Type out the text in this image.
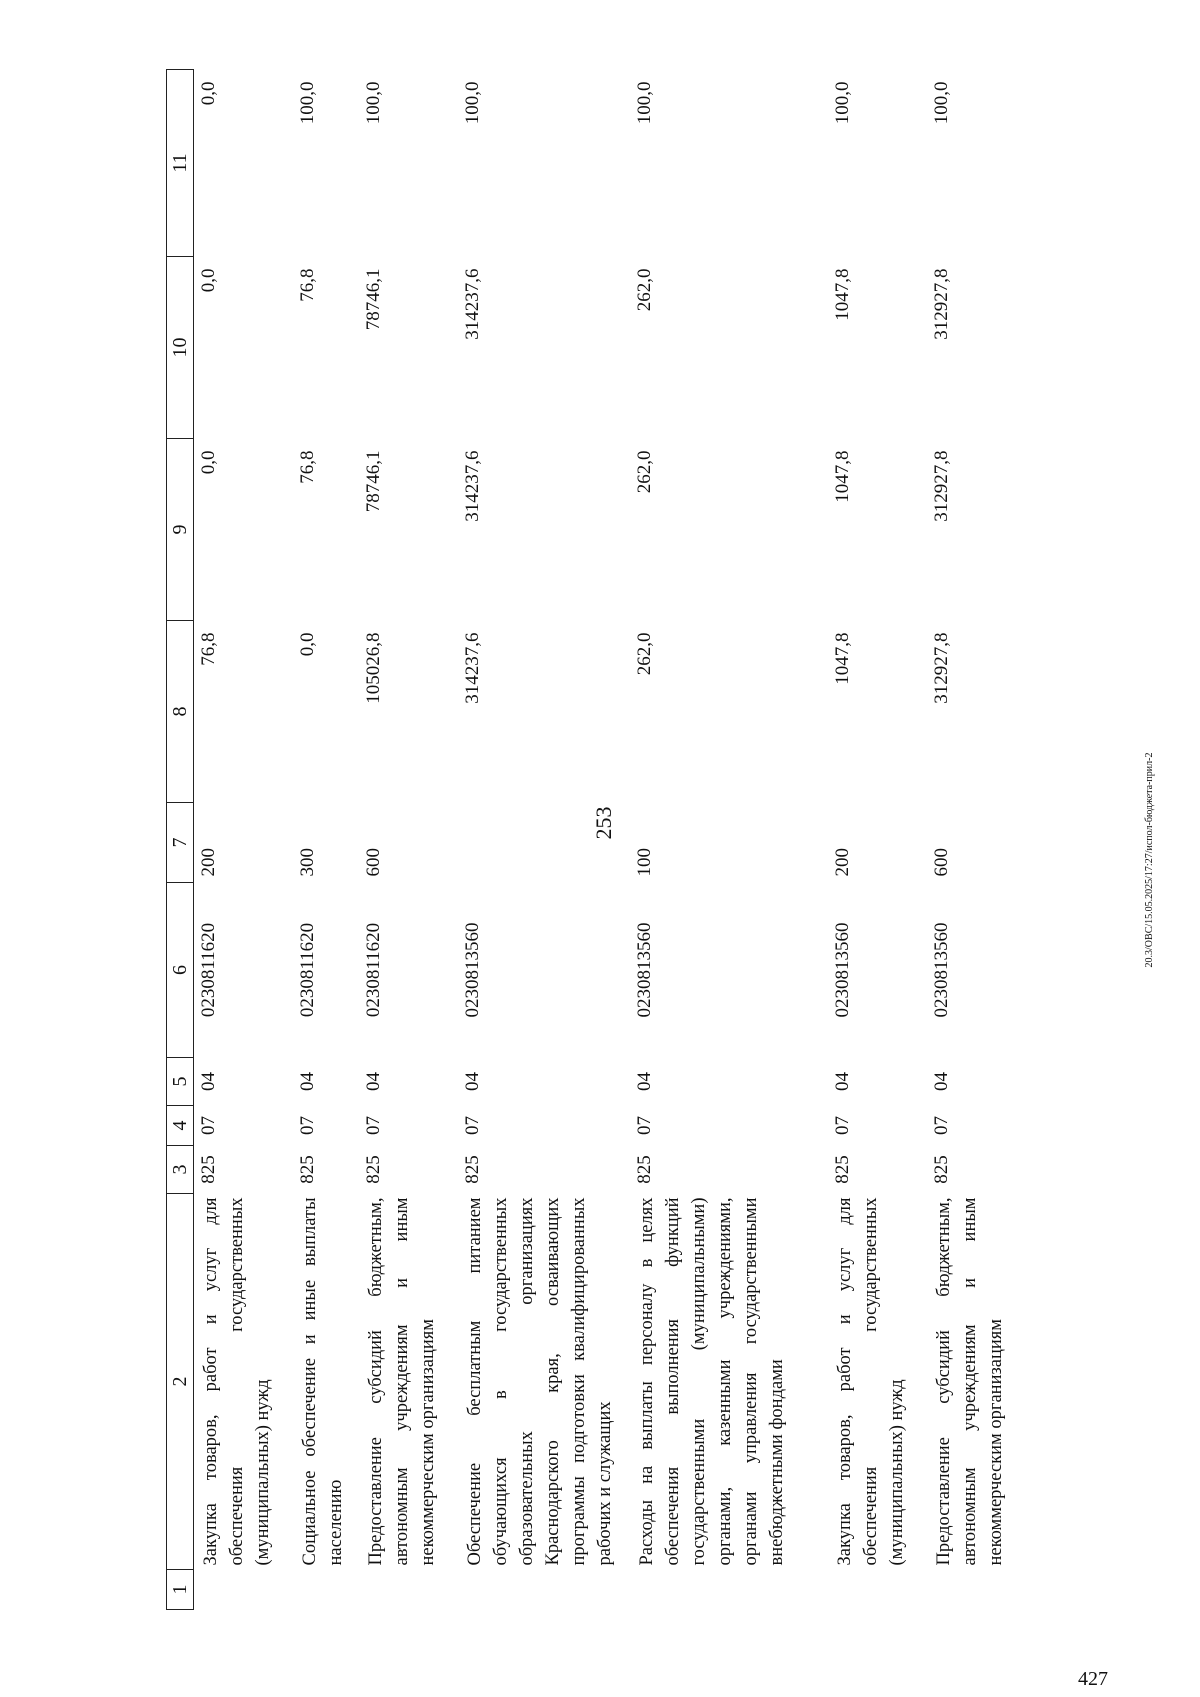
253
1	2	3	4	5	6	7	8	9	10	11
	Закупка товаров, работ и услуг для обеспечения государственных (муниципальных) нужд	825	07	04	0230811620	200	76,8	0,0	0,0	0,0
	Социальное обеспечение и иные выплаты населению	825	07	04	0230811620	300	0,0	76,8	76,8	100,0
	Предоставление субсидий бюджетным, автономным учреждениям и иным некоммерческим организациям	825	07	04	0230811620	600	105026,8	78746,1	78746,1	100,0
	Обеспечение бесплатным питанием обучающихся в государственных образовательных организациях Краснодарского края, осваивающих программы подготовки квалифицированных рабочих и служащих	825	07	04	0230813560		314237,6	314237,6	314237,6	100,0
	Расходы на выплаты персоналу в целях обеспечения выполнения функций государственными (муниципальными) органами, казенными учреждениями, органами управления государственными внебюджетными фондами	825	07	04	0230813560	100	262,0	262,0	262,0	100,0
	Закупка товаров, работ и услуг для обеспечения государственных (муниципальных) нужд	825	07	04	0230813560	200	1047,8	1047,8	1047,8	100,0
	Предоставление субсидий бюджетным, автономным учреждениям и иным некоммерческим организациям	825	07	04	0230813560	600	312927,8	312927,8	312927,8	100,0
20.3/ОВС/15.05.2025/17:27/испол-бюджета-прил-2
427
